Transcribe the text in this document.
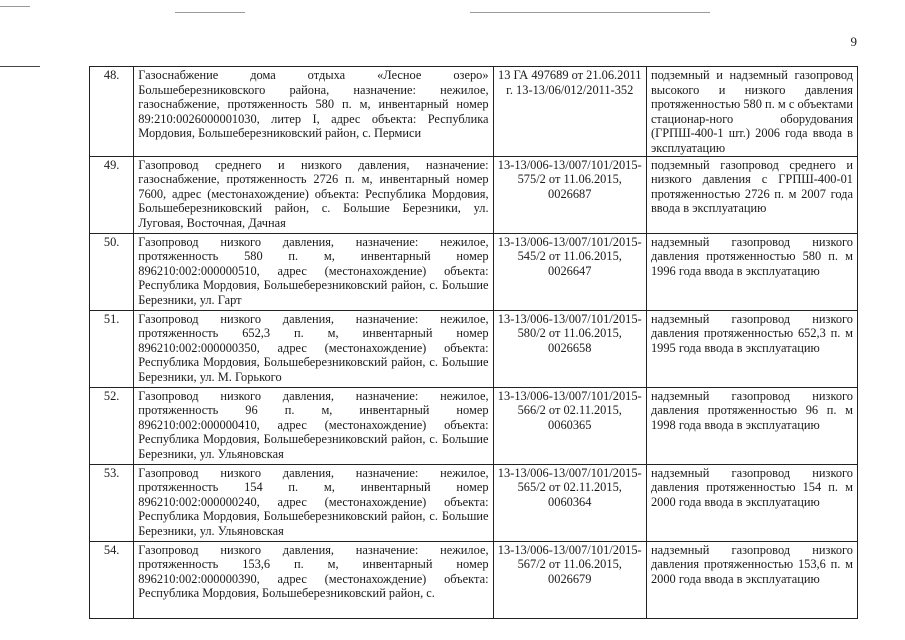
9
48.	Газоснабжение дома отдыха «Лесное озеро» Большеберезниковского района, назначение: нежилое, газоснабжение, протяженность 580 п. м, инвентарный номер 89:210:0026000001030, литер I, адрес объекта: Республика Мордовия, Большеберезниковский район, с. Пермиси	13 ГА 497689 от 21.06.2011 г. 13-13/06/012/2011-352	подземный и надземный газопровод высокого и низкого давления протяженностью 580 п. м с объектами стационар-ного оборудования (ГРПШ-400-1 шт.) 2006 года ввода в эксплуатацию
49.	Газопровод среднего и низкого давления, назначение: газоснабжение, протяженность 2726 п. м, инвентарный номер 7600, адрес (местонахождение) объекта: Республика Мордовия, Большеберезниковский район, с. Большие Березники, ул. Луговая, Восточная, Дачная	13-13/006-13/007/101/2015-575/2 от 11.06.2015, 0026687	подземный газопровод среднего и низкого давления с ГРПШ-400-01 протяженностью 2726 п. м 2007 года ввода в эксплуатацию
50.	Газопровод низкого давления, назначение: нежилое, протяженность 580 п. м, инвентарный номер 896210:002:000000510, адрес (местонахождение) объекта: Республика Мордовия, Большеберезниковский район, с. Большие Березники, ул. Гарт	13-13/006-13/007/101/2015-545/2 от 11.06.2015, 0026647	надземный газопровод низкого давления протяженностью 580 п. м 1996 года ввода в эксплуатацию
51.	Газопровод низкого давления, назначение: нежилое, протяженность 652,3 п. м, инвентарный номер 896210:002:000000350, адрес (местонахождение) объекта: Республика Мордовия, Большеберезниковский район, с. Большие Березники, ул. М. Горького	13-13/006-13/007/101/2015-580/2 от 11.06.2015, 0026658	надземный газопровод низкого давления протяженностью 652,3 п. м 1995 года ввода в эксплуатацию
52.	Газопровод низкого давления, назначение: нежилое, протяженность 96 п. м, инвентарный номер 896210:002:000000410, адрес (местонахождение) объекта: Республика Мордовия, Большеберезниковский район, с. Большие Березники, ул. Ульяновская	13-13/006-13/007/101/2015-566/2 от 02.11.2015, 0060365	надземный газопровод низкого давления протяженностью 96 п. м 1998 года ввода в эксплуатацию
53.	Газопровод низкого давления, назначение: нежилое, протяженность 154 п. м, инвентарный номер 896210:002:000000240, адрес (местонахождение) объекта: Республика Мордовия, Большеберезниковский район, с. Большие Березники, ул. Ульяновская	13-13/006-13/007/101/2015-565/2 от 02.11.2015, 0060364	надземный газопровод низкого давления протяженностью 154 п. м 2000 года ввода в эксплуатацию
54.	Газопровод низкого давления, назначение: нежилое, протяженность 153,6 п. м, инвентарный номер 896210:002:000000390, адрес (местонахождение) объекта: Республика Мордовия, Большеберезниковский район, с.	13-13/006-13/007/101/2015-567/2 от 11.06.2015, 0026679	надземный газопровод низкого давления протяженностью 153,6 п. м 2000 года ввода в эксплуатацию
